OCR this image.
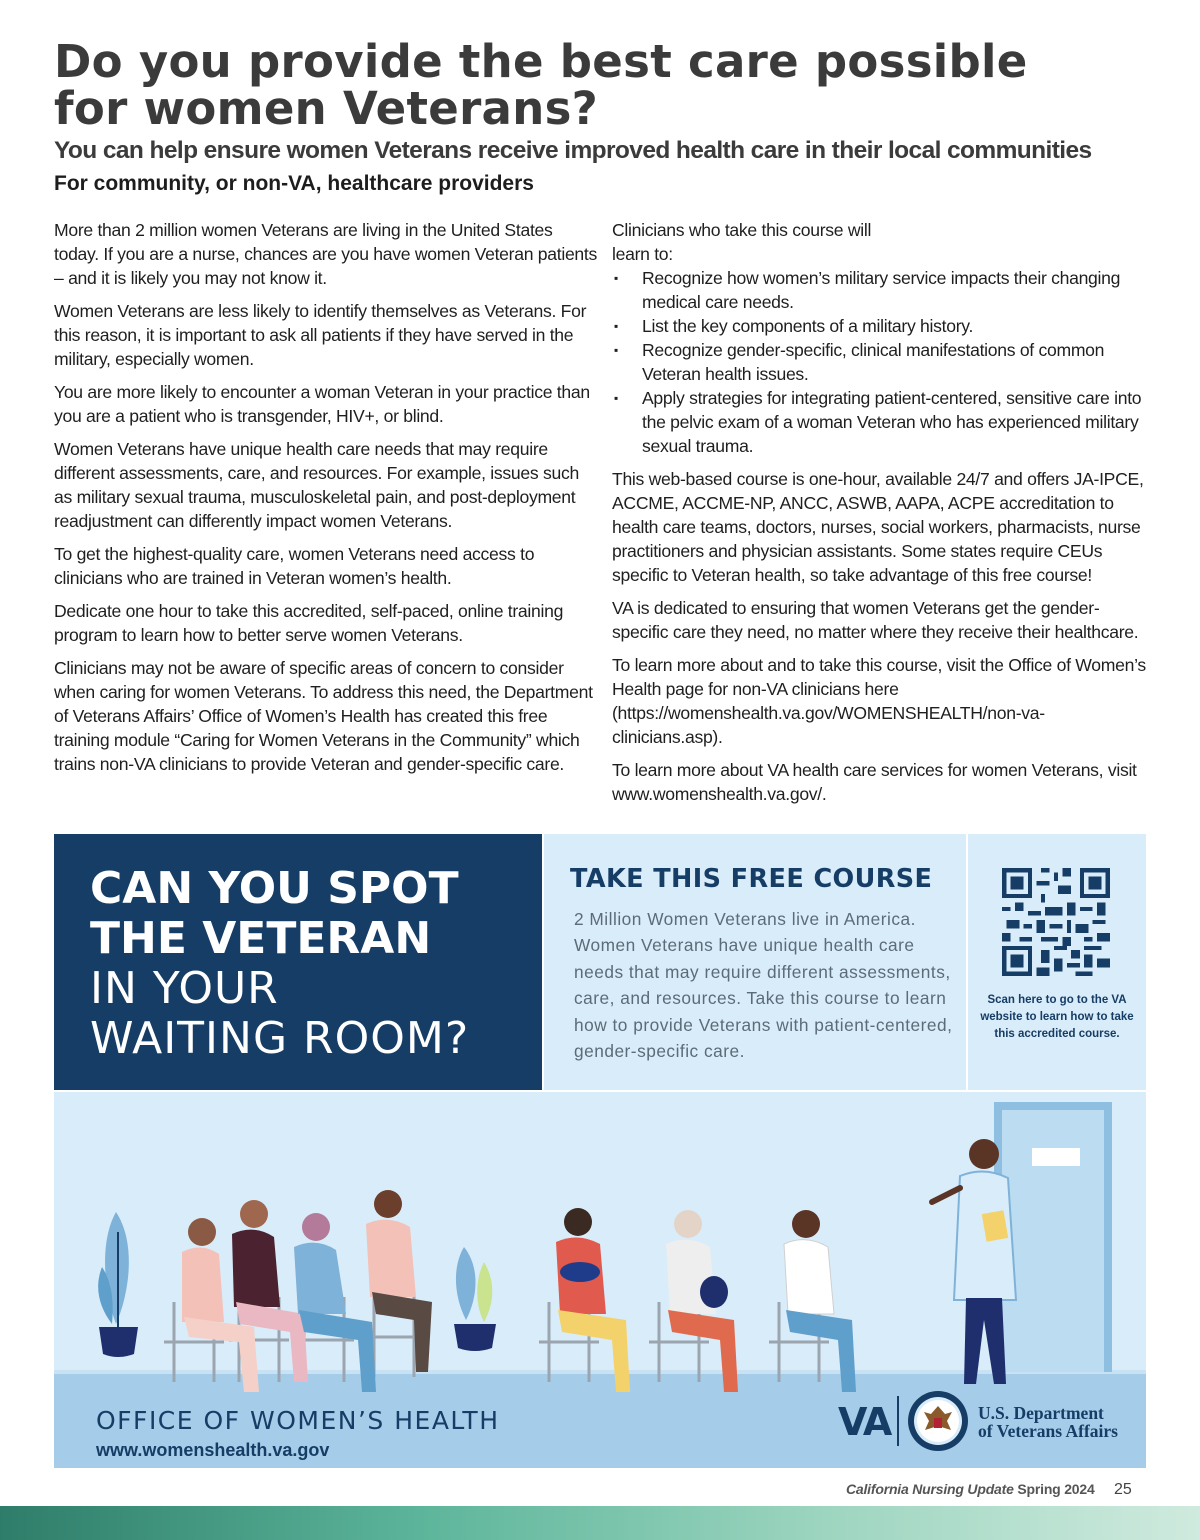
Do you provide the best care possible
for women Veterans?
You can help ensure women Veterans receive improved health care in their local communities
For community, or non-VA, healthcare providers

More than 2 million women Veterans are living in the United States today. If you are a nurse, chances are you have women Veteran patients – and it is likely you may not know it.

Women Veterans are less likely to identify themselves as Veterans. For this reason, it is important to ask all patients if they have served in the military, especially women.

You are more likely to encounter a woman Veteran in your practice than you are a patient who is transgender, HIV+, or blind.

Women Veterans have unique health care needs that may require different assessments, care, and resources. For example, issues such as military sexual trauma, musculoskeletal pain, and post-deployment readjustment can differently impact women Veterans.

To get the highest-quality care, women Veterans need access to clinicians who are trained in Veteran women’s health.

Dedicate one hour to take this accredited, self-paced, online training program to learn how to better serve women Veterans.

Clinicians may not be aware of specific areas of concern to consider when caring for women Veterans. To address this need, the Department of Veterans Affairs’ Office of Women’s Health has created this free training module “Caring for Women Veterans in the Community” which trains non-VA clinicians to provide Veteran and gender-specific care.

Clinicians who take this course will learn to:

▪ Recognize how women’s military service impacts their changing medical care needs.
▪ List the key components of a military history.
▪ Recognize gender-specific, clinical manifestations of common Veteran health issues.
▪ Apply strategies for integrating patient-centered, sensitive care into the pelvic exam of a woman Veteran who has experienced military sexual trauma.

This web-based course is one-hour, available 24/7 and offers JA-IPCE, ACCME, ACCME-NP, ANCC, ASWB, AAPA, ACPE accreditation to health care teams, doctors, nurses, social workers, pharmacists, nurse practitioners and physician assistants. Some states require CEUs specific to Veteran health, so take advantage of this free course!

VA is dedicated to ensuring that women Veterans get the gender-specific care they need, no matter where they receive their healthcare.

To learn more about and to take this course, visit the Office of Women’s Health page for non-VA clinicians here (https://womenshealth.va.gov/WOMENSHEALTH/non-va-clinicians.asp).

To learn more about VA health care services for women Veterans, visit www.womenshealth.va.gov/.

CAN YOU SPOT
THE VETERAN
IN YOUR
WAITING ROOM?
TAKE THIS FREE COURSE
2 Million Women Veterans live in America. Women Veterans have unique health care needs that may require different assessments, care, and resources. Take this course to learn how to provide Veterans with patient-centered, gender-specific care.
Scan here to go to the VA website to learn how to take this accredited course.
OFFICE OF WOMEN’S HEALTH
www.womenshealth.va.gov
VA	U.S. Department
of Veterans Affairs
California Nursing Update Spring 2024 25
